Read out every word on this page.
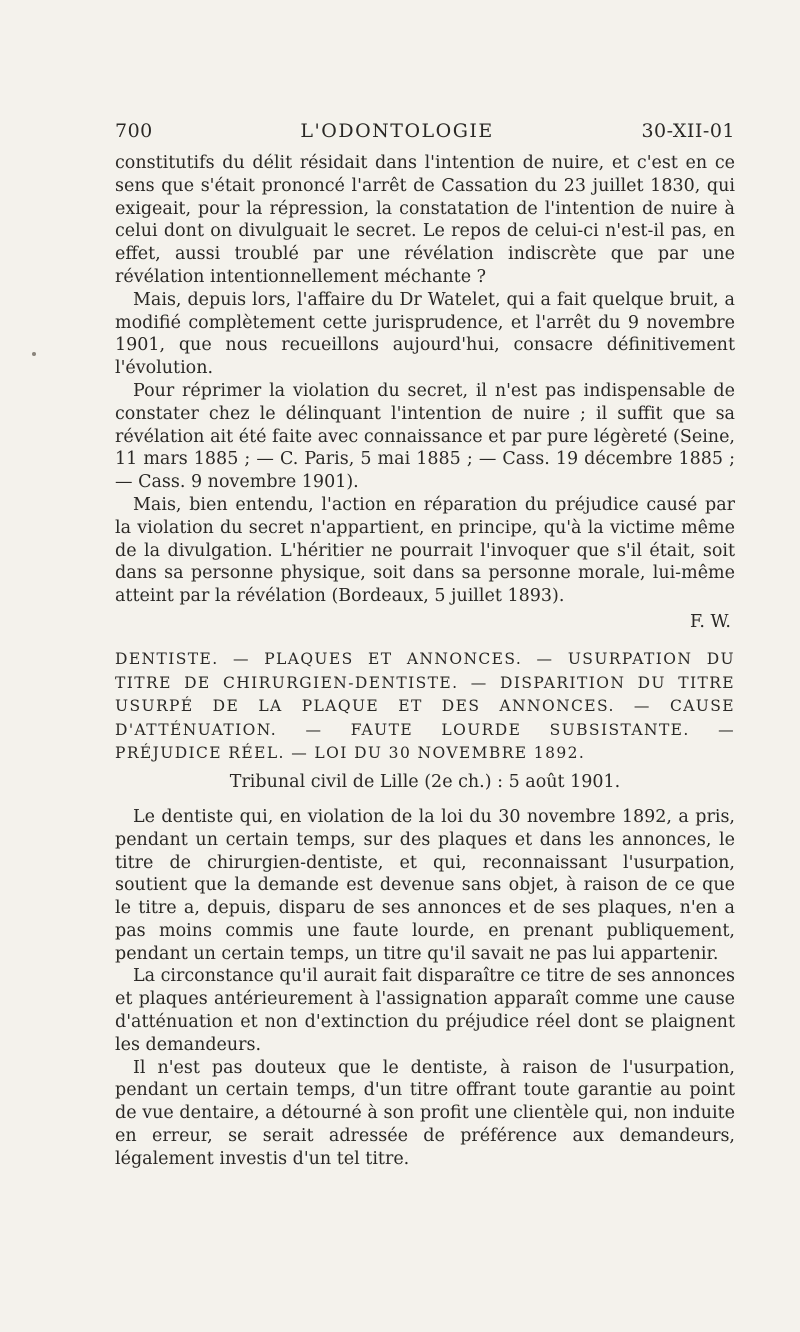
700	L'ODONTOLOGIE	30-XII-01

constitutifs du délit résidait dans l'intention de nuire, et c'est en ce sens que s'était prononcé l'arrêt de Cassation du 23 juillet 1830, qui exigeait, pour la répression, la constatation de l'intention de nuire à celui dont on divulguait le secret. Le repos de celui-ci n'est-il pas, en effet, aussi troublé par une révélation indiscrète que par une révélation intentionnellement méchante ?

Mais, depuis lors, l'affaire du Dr Watelet, qui a fait quelque bruit, a modifié complètement cette jurisprudence, et l'arrêt du 9 novembre 1901, que nous recueillons aujourd'hui, consacre définitivement l'évolution.

Pour réprimer la violation du secret, il n'est pas indispensable de constater chez le délinquant l'intention de nuire ; il suffit que sa révélation ait été faite avec connaissance et par pure légèreté (Seine, 11 mars 1885 ; — C. Paris, 5 mai 1885 ; — Cass. 19 décembre 1885 ; — Cass. 9 novembre 1901).

Mais, bien entendu, l'action en réparation du préjudice causé par la violation du secret n'appartient, en principe, qu'à la victime même de la divulgation. L'héritier ne pourrait l'invoquer que s'il était, soit dans sa personne physique, soit dans sa personne morale, lui-même atteint par la révélation (Bordeaux, 5 juillet 1893).

F. W.

DENTISTE. — PLAQUES ET ANNONCES. — USURPATION DU TITRE DE CHIRURGIEN-DENTISTE. — DISPARITION DU TITRE USURPÉ DE LA PLAQUE ET DES ANNONCES. — CAUSE D'ATTÉNUATION. — FAUTE LOURDE SUBSISTANTE. — PRÉJUDICE RÉEL. — LOI DU 30 NOVEMBRE 1892.

Tribunal civil de Lille (2e ch.) : 5 août 1901.

Le dentiste qui, en violation de la loi du 30 novembre 1892, a pris, pendant un certain temps, sur des plaques et dans les annonces, le titre de chirurgien-dentiste, et qui, reconnaissant l'usurpation, soutient que la demande est devenue sans objet, à raison de ce que le titre a, depuis, disparu de ses annonces et de ses plaques, n'en a pas moins commis une faute lourde, en prenant publiquement, pendant un certain temps, un titre qu'il savait ne pas lui appartenir.

La circonstance qu'il aurait fait disparaître ce titre de ses annonces et plaques antérieurement à l'assignation apparaît comme une cause d'atténuation et non d'extinction du préjudice réel dont se plaignent les demandeurs.

Il n'est pas douteux que le dentiste, à raison de l'usurpation, pendant un certain temps, d'un titre offrant toute garantie au point de vue dentaire, a détourné à son profit une clientèle qui, non induite en erreur, se serait adressée de préférence aux demandeurs, légalement investis d'un tel titre.
